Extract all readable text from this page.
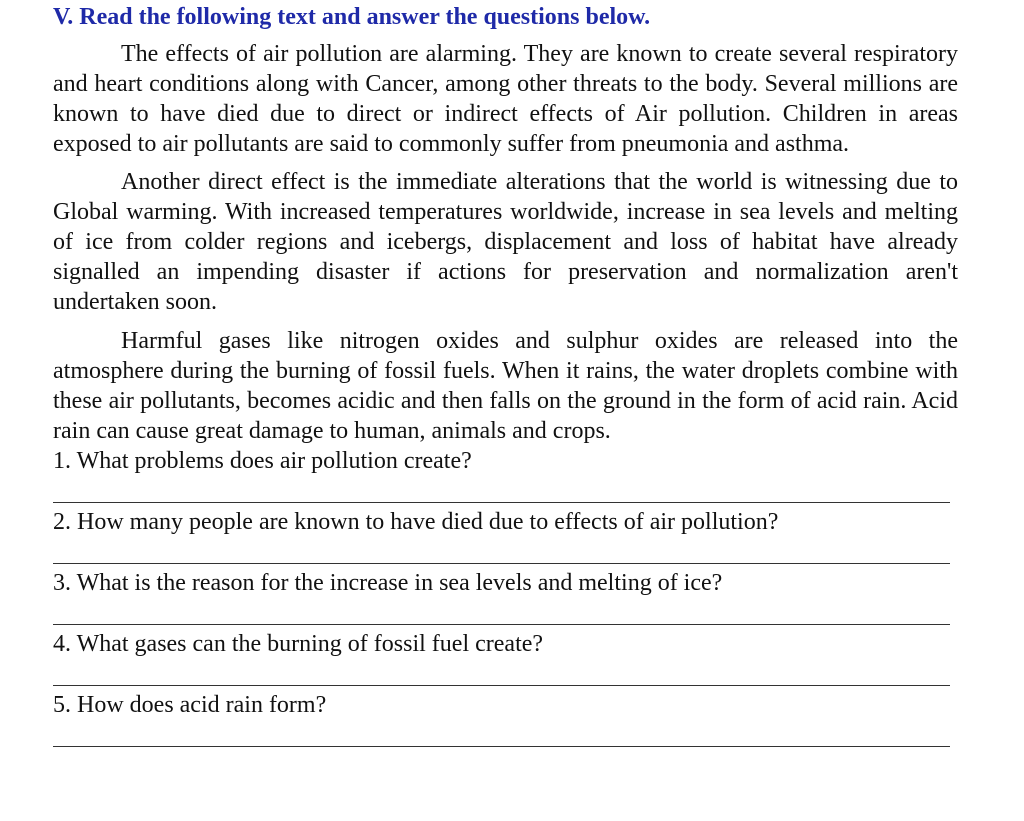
V. Read the following text and answer the questions below.

The effects of air pollution are alarming. They are known to create several respiratory and heart conditions along with Cancer, among other threats to the body. Several millions are known to have died due to direct or indirect effects of Air pollution. Children in areas exposed to air pollutants are said to commonly suffer from pneumonia and asthma.

Another direct effect is the immediate alterations that the world is witnessing due to Global warming. With increased temperatures worldwide, increase in sea levels and melting of ice from colder regions and icebergs, displacement and loss of habitat have already signalled an impending disaster if actions for preservation and normalization aren't undertaken soon.

Harmful gases like nitrogen oxides and sulphur oxides are released into the atmosphere during the burning of fossil fuels. When it rains, the water droplets combine with these air pollutants, becomes acidic and then falls on the ground in the form of acid rain. Acid rain can cause great damage to human, animals and crops.

1. What problems does air pollution create?
2. How many people are known to have died due to effects of air pollution?
3. What is the reason for the increase in sea levels and melting of ice?
4. What gases can the burning of fossil fuel create?
5. How does acid rain form?
